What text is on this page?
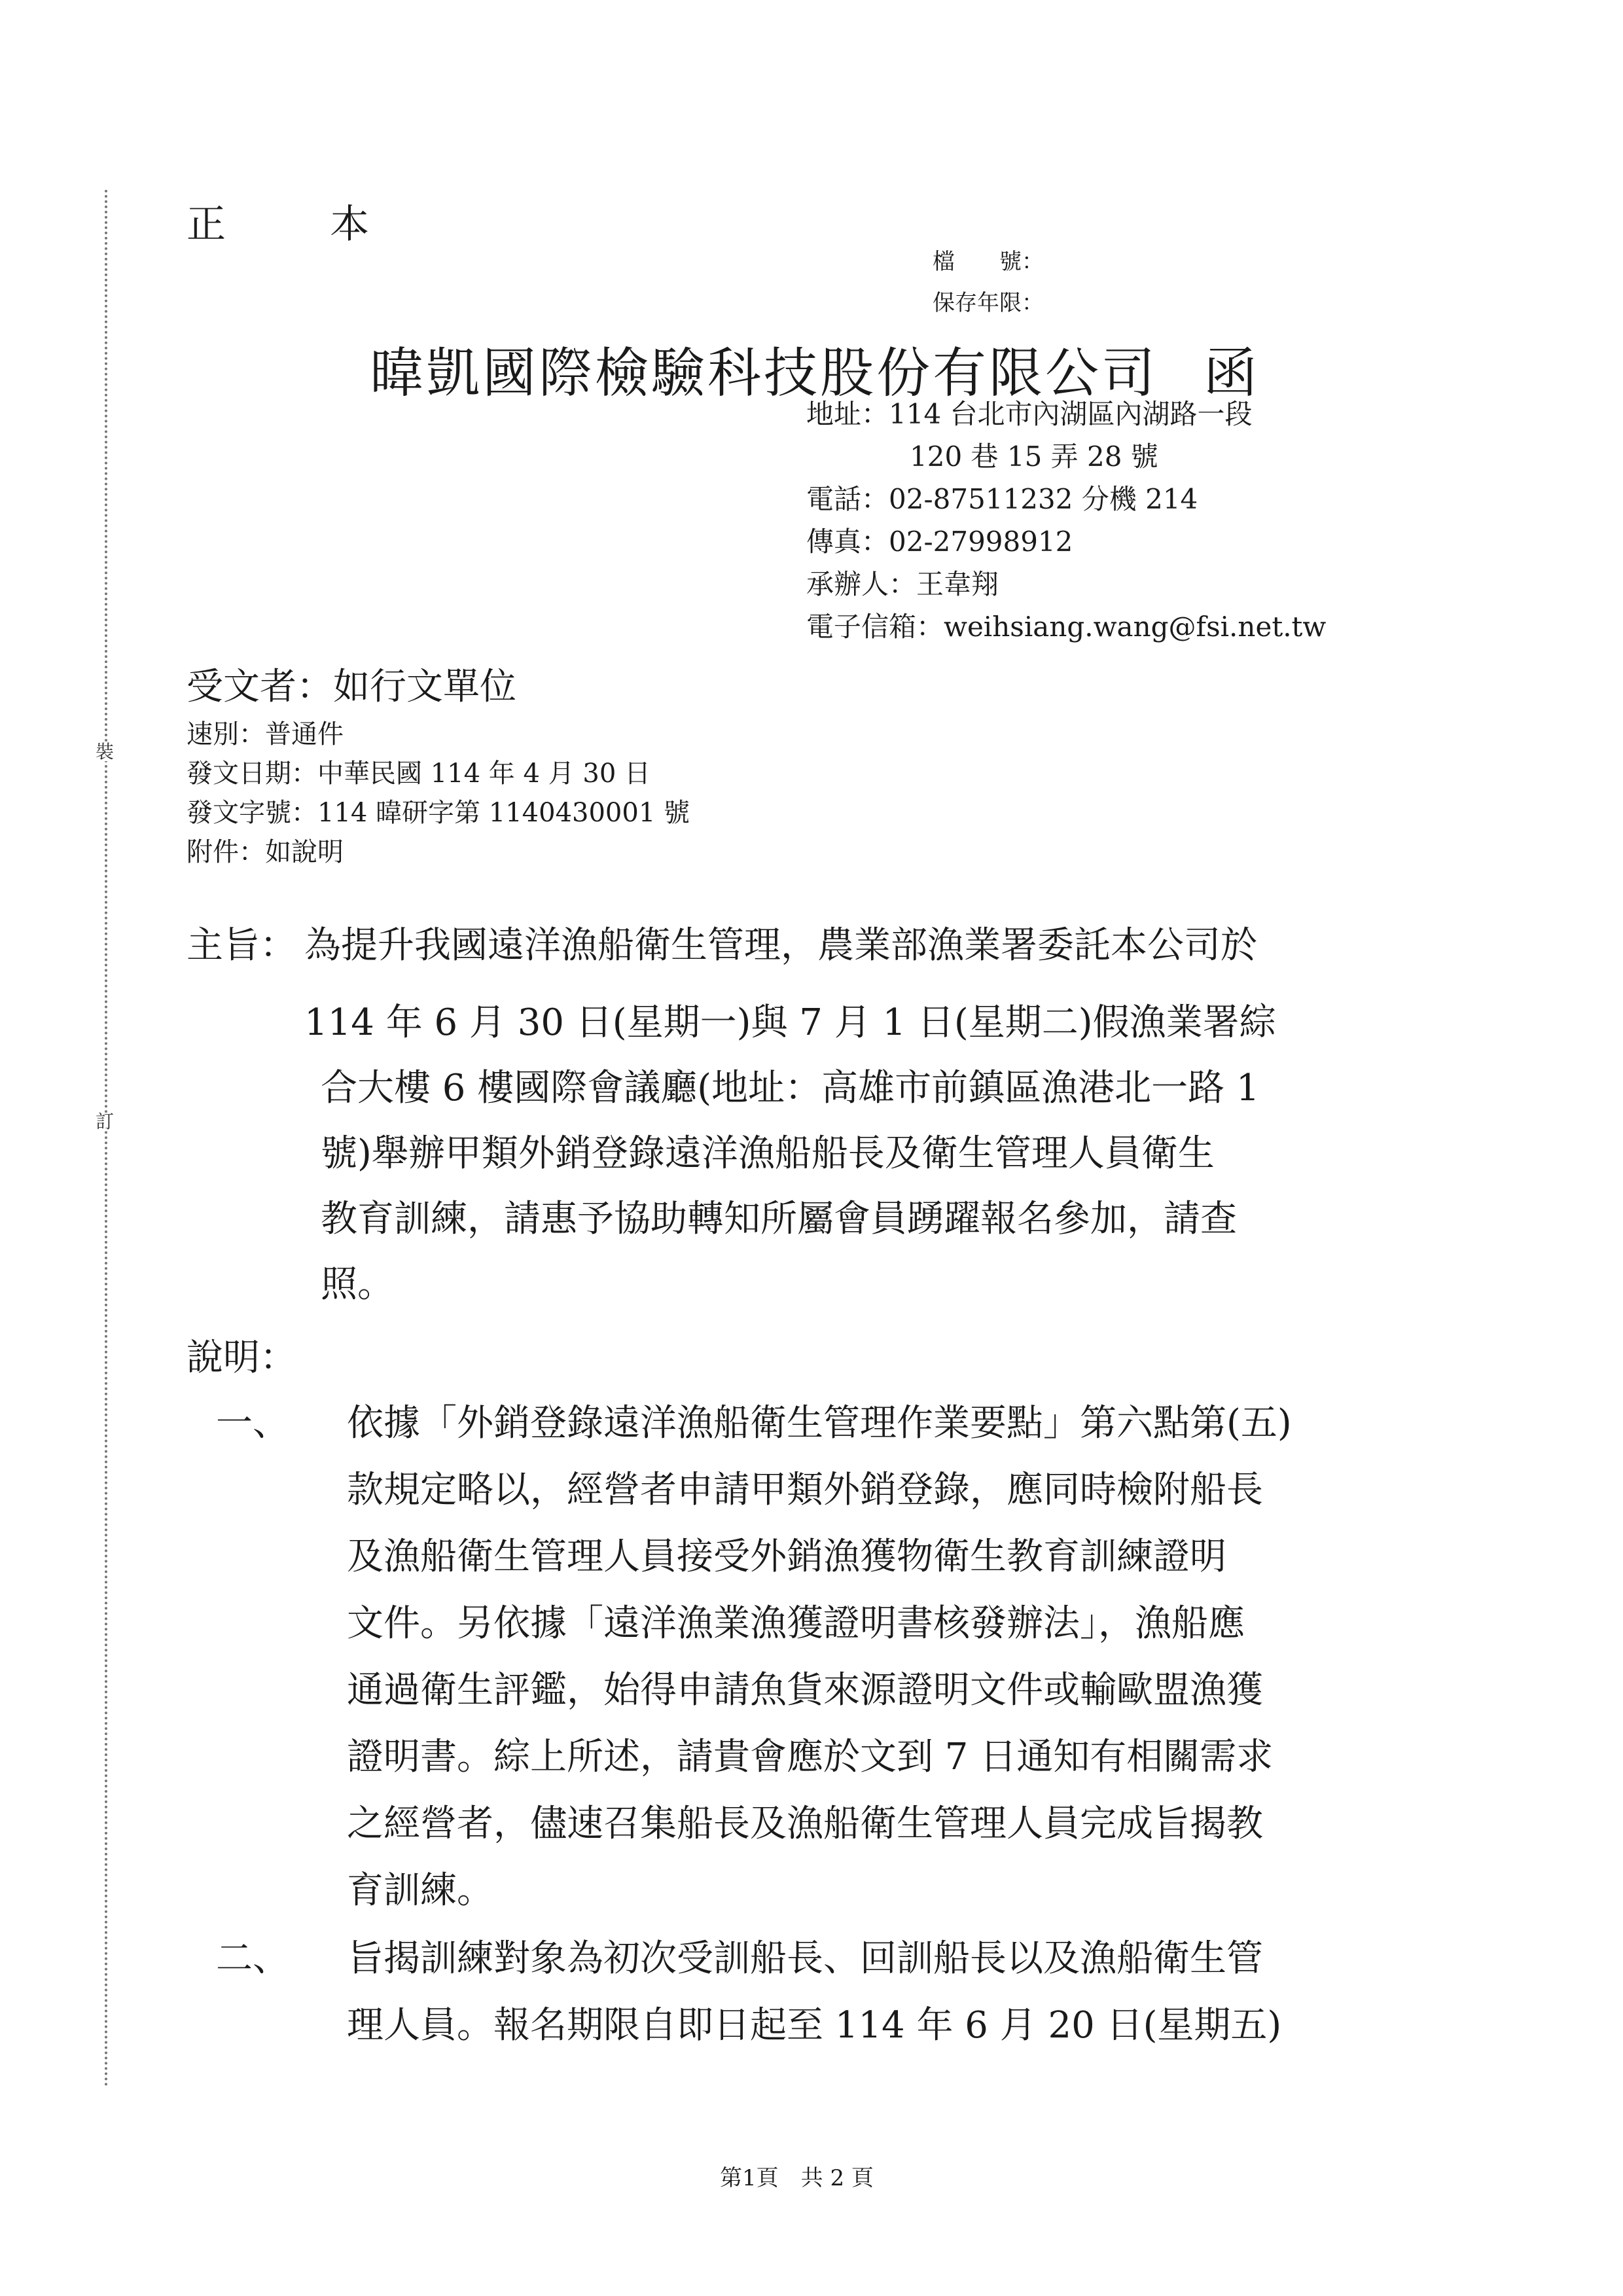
裝
訂
正 本
檔　　號：
保存年限：
暐凱國際檢驗科技股份有限公司 函
地址：114 台北市內湖區內湖路一段
120 巷 15 弄 28 號
電話：02-87511232 分機 214
傳真：02-27998912
承辦人：王韋翔
電子信箱：weihsiang.wang@fsi.net.tw
受文者：如行文單位
速別：普通件
發文日期：中華民國 114 年 4 月 30 日
發文字號：114 暐研字第 1140430001 號
附件：如說明
主旨： 為提升我國遠洋漁船衛生管理，農業部漁業署委託本公司於
114 年 6 月 30 日(星期一)與 7 月 1 日(星期二)假漁業署綜
合大樓 6 樓國際會議廳(地址：高雄市前鎮區漁港北一路 1
號)舉辦甲類外銷登錄遠洋漁船船長及衛生管理人員衛生
教育訓練，請惠予協助轉知所屬會員踴躍報名參加，請查
照。
說明：
一、 依據「外銷登錄遠洋漁船衛生管理作業要點」第六點第(五)
款規定略以，經營者申請甲類外銷登錄，應同時檢附船長
及漁船衛生管理人員接受外銷漁獲物衛生教育訓練證明
文件。另依據「遠洋漁業漁獲證明書核發辦法」，漁船應
通過衛生評鑑，始得申請魚貨來源證明文件或輸歐盟漁獲
證明書。綜上所述，請貴會應於文到 7 日通知有相關需求
之經營者，儘速召集船長及漁船衛生管理人員完成旨揭教
育訓練。
二、 旨揭訓練對象為初次受訓船長、回訓船長以及漁船衛生管
理人員。報名期限自即日起至 114 年 6 月 20 日(星期五)
第1頁　共 2 頁
